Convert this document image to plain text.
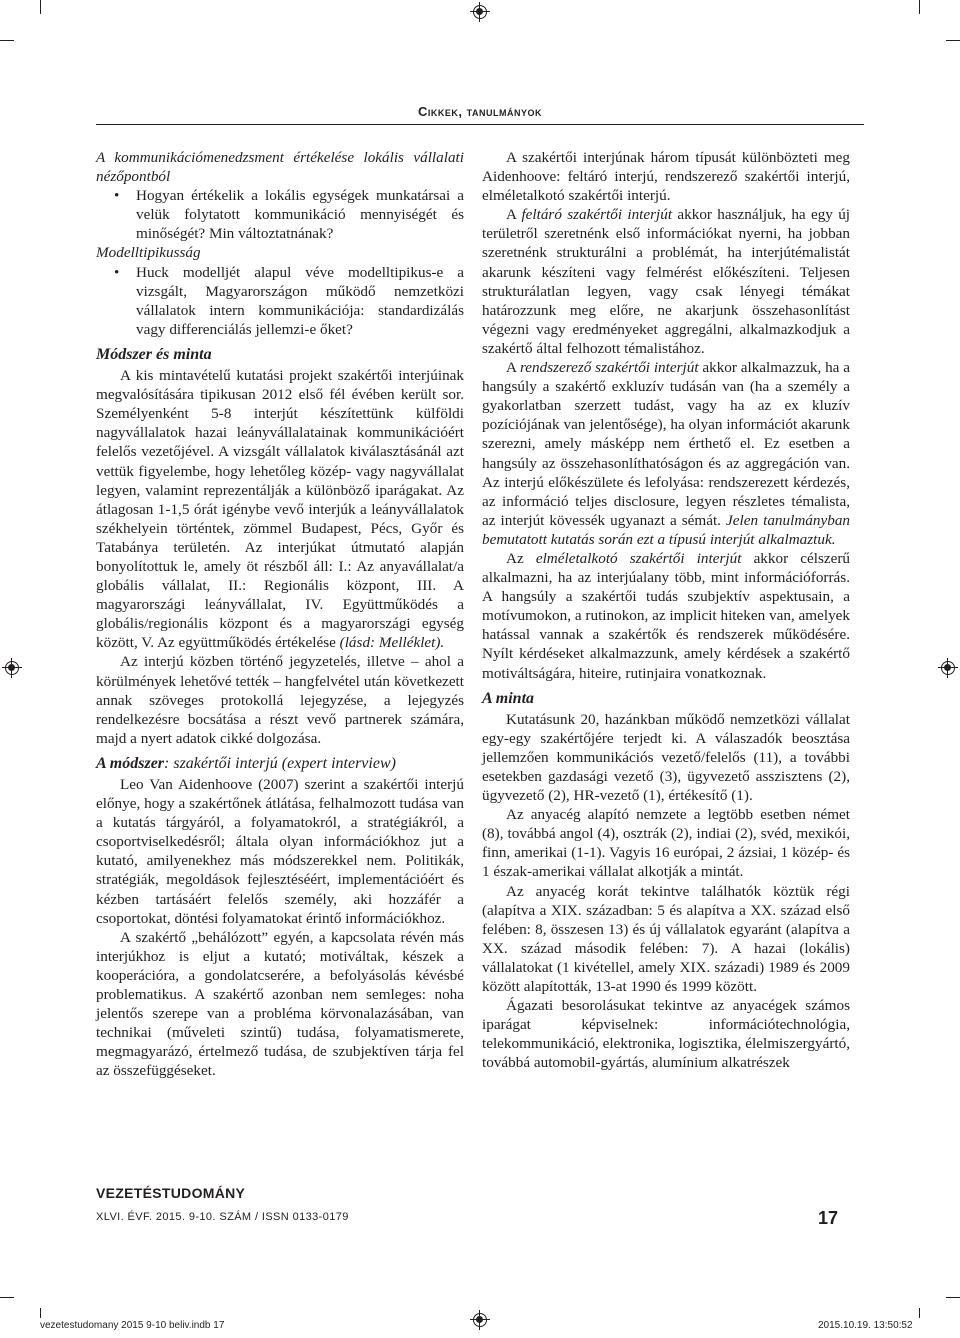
Cikkek, tanulmányok

A kommunikációmenedzsment értékelése lokális vállalati nézőpontból

• Hogyan értékelik a lokális egységek munkatársai a velük folytatott kommunikáció mennyiségét és minőségét? Min változtatnának?

Modelltipikusság

• Huck modelljét alapul véve modelltipikus-e a vizsgált, Magyarországon működő nemzetközi vállalatok intern kommunikációja: standardizálás vagy differenciálás jellemzi-e őket?
Módszer és minta

A kis mintavételű kutatási projekt szakértői interjúinak megvalósítására tipikusan 2012 első fél évében került sor. Személyenként 5-8 interjút készítettünk külföldi nagyvállalatok hazai leányvállalatainak kommunikációért felelős vezetőjével. A vizsgált vállalatok kiválasztásánál azt vettük figyelembe, hogy lehetőleg közép- vagy nagyvállalat legyen, valamint reprezentálják a különböző iparágakat. Az átlagosan 1-1,5 órát igénybe vevő interjúk a leányvállalatok székhelyein történtek, zömmel Budapest, Pécs, Győr és Tatabánya területén. Az interjúkat útmutató alapján bonyolítottuk le, amely öt részből áll: I.: Az anyavállalat/a globális vállalat, II.: Regionális központ, III. A magyarországi leányvállalat, IV. Együttműködés a globális/regionális központ és a magyarországi egység között, V. Az együttműködés értékelése (lásd: Melléklet).

Az interjú közben történő jegyzetelés, illetve – ahol a körülmények lehetővé tették – hangfelvétel után következett annak szöveges protokollá lejegyzése, a lejegyzés rendelkezésre bocsátása a részt vevő partnerek számára, majd a nyert adatok cikké dolgozása.

A módszer: szakértői interjú (expert interview)

Leo Van Aidenhoove (2007) szerint a szakértői interjú előnye, hogy a szakértőnek átlátása, felhalmozott tudása van a kutatás tárgyáról, a folyamatokról, a stratégiákról, a csoportviselkedésről; általa olyan információkhoz jut a kutató, amilyenekhez más módszerekkel nem. Politikák, stratégiák, megoldások fejlesztéséért, implementációért és kézben tartásáért felelős személy, aki hozzáfér a csoportokat, döntési folyamatokat érintő információkhoz.

A szakértő „behálózott” egyén, a kapcsolata révén más interjúkhoz is eljut a kutató; motiváltak, készek a kooperációra, a gondolatcserére, a befolyásolás kévésbé problematikus. A szakértő azonban nem semleges: noha jelentős szerepe van a probléma körvonalazásában, van technikai (műveleti szintű) tudása, folyamatismerete, megmagyarázó, értelmező tudása, de szubjektíven tárja fel az összefüggéseket.

A szakértői interjúnak három típusát különbözteti meg Aidenhoove: feltáró interjú, rendszerező szakértői interjú, elméletalkotó szakértői interjú.

A feltáró szakértői interjút akkor használjuk, ha egy új területről szeretnénk első információkat nyerni, ha jobban szeretnénk strukturálni a problémát, ha interjútémalistát akarunk készíteni vagy felmérést előkészíteni. Teljesen strukturálatlan legyen, vagy csak lényegi témákat határozzunk meg előre, ne akarjunk összehasonlítást végezni vagy eredményeket aggregálni, alkalmazkodjuk a szakértő által felhozott témalistához.

A rendszerező szakértői interjút akkor alkalmazzuk, ha a hangsúly a szakértő exkluzív tudásán van (ha a személy a gyakorlatban szerzett tudást, vagy ha az ex kluzív pozíciójának van jelentősége), ha olyan információt akarunk szerezni, amely másképp nem érthető el. Ez esetben a hangsúly az összehasonlíthatóságon és az aggregáción van. Az interjú előkészülete és lefolyása: rendszerezett kérdezés, az információ teljes disclosure, legyen részletes témalista, az interjút kövessék ugyanazt a sémát. Jelen tanulmányban bemutatott kutatás során ezt a típusú interjút alkalmaztuk.

Az elméletalkotó szakértői interjút akkor célszerű alkalmazni, ha az interjúalany több, mint információforrás. A hangsúly a szakértői tudás szubjektív aspektusain, a motívumokon, a rutinokon, az implicit hiteken van, amelyek hatással vannak a szakértők és rendszerek működésére. Nyílt kérdéseket alkalmazzunk, amely kérdések a szakértő motiváltságára, hiteire, rutinjaira vonatkoznak.

A minta

Kutatásunk 20, hazánkban működő nemzetközi vállalat egy-egy szakértőjére terjedt ki. A válaszadók beosztása jellemzően kommunikációs vezető/felelős (11), a további esetekben gazdasági vezető (3), ügyvezető asszisztens (2), ügyvezető (2), HR-vezető (1), értékesítő (1).

Az anyacég alapító nemzete a legtöbb esetben német (8), továbbá angol (4), osztrák (2), indiai (2), svéd, mexikói, finn, amerikai (1-1). Vagyis 16 európai, 2 ázsiai, 1 közép- és 1 észak-amerikai vállalat alkotják a mintát.

Az anyacég korát tekintve találhatók köztük régi (alapítva a XIX. században: 5 és alapítva a XX. század első felében: 8, összesen 13) és új vállalatok egyaránt (alapítva a XX. század második felében: 7). A hazai (lokális) vállalatokat (1 kivétellel, amely XIX. századi) 1989 és 2009 között alapították, 13-at 1990 és 1999 között.

Ágazati besorolásukat tekintve az anyacégek számos iparágat képviselnek: információtechnológia, telekommunikáció, elektronika, logisztika, élelmiszergyártó, továbbá automobil-gyártás, alumínium alkatrészek

VEZETÉSTUDOMÁNY
XLVI. ÉVF. 2015. 9-10. SZÁM / ISSN 0133-0179	17
vezetestudomany 2015 9-10 beliv.indb 17	2015.10.19. 13:50:52
